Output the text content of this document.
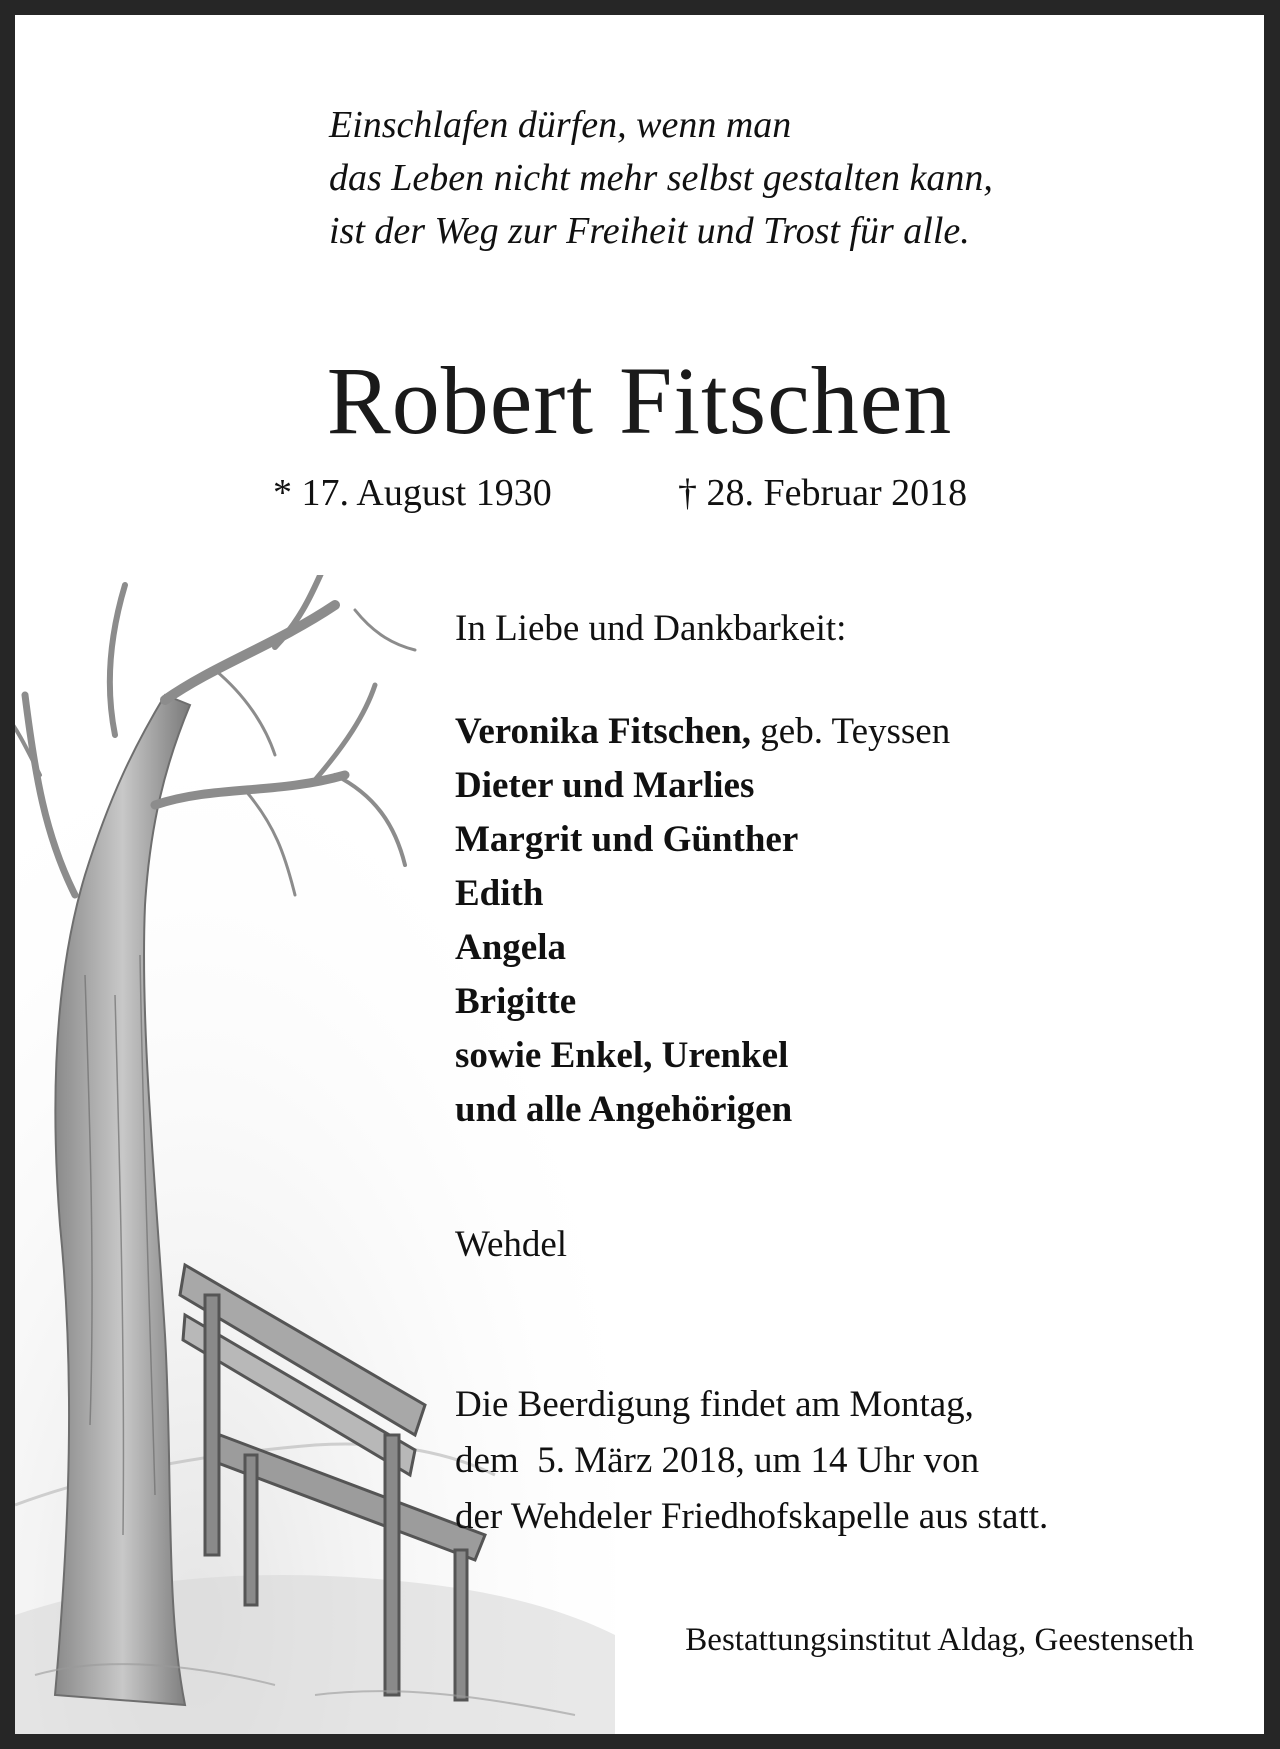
Einschlafen dürfen, wenn man
das Leben nicht mehr selbst gestalten kann,
ist der Weg zur Freiheit und Trost für alle.
Robert Fitschen
* 17. August 1930	† 28. Februar 2018
In Liebe und Dankbarkeit:
Veronika Fitschen, geb. Teyssen
Dieter und Marlies
Margrit und Günther
Edith
Angela
Brigitte
sowie Enkel, Urenkel
und alle Angehörigen
Wehdel
Die Beerdigung findet am Montag,
dem  5. März 2018, um 14 Uhr von
der Wehdeler Friedhofskapelle aus statt.
Bestattungsinstitut Aldag, Geestenseth
